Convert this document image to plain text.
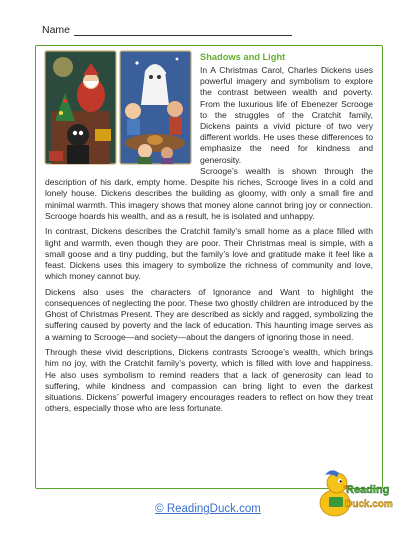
Name
Shadows and Light
In A Christmas Carol, Charles Dickens uses powerful imagery and symbolism to explore the contrast between wealth and poverty. From the luxurious life of Ebenezer Scrooge to the struggles of the Cratchit family, Dickens paints a vivid picture of two very different worlds. He uses these differences to emphasize the need for kindness and generosity.

Scrooge’s wealth is shown through the description of his dark, empty home. Despite his riches, Scrooge lives in a cold and lonely house. Dickens describes the building as gloomy, with only a small fire and minimal warmth. This imagery shows that money alone cannot bring joy or connection. Scrooge hoards his wealth, and as a result, he is isolated and unhappy.

In contrast, Dickens describes the Cratchit family’s small home as a place filled with light and warmth, even though they are poor. Their Christmas meal is simple, with a small goose and a tiny pudding, but the family’s love and gratitude make it feel like a feast. Dickens uses this imagery to symbolize the richness of community and love, which money cannot buy.

Dickens also uses the characters of Ignorance and Want to highlight the consequences of neglecting the poor. These two ghostly children are introduced by the Ghost of Christmas Present. They are described as sickly and ragged, symbolizing the suffering caused by poverty and the lack of education. This haunting image serves as a warning to Scrooge—and society—about the dangers of ignoring those in need.

Through these vivid descriptions, Dickens contrasts Scrooge’s wealth, which brings him no joy, with the Cratchit family’s poverty, which is filled with love and happiness. He also uses symbolism to remind readers that a lack of generosity can lead to suffering, while kindness and compassion can bring light to even the darkest situations. Dickens’ powerful imagery encourages readers to reflect on how they treat others, especially those who are less fortunate.

© ReadingDuck.com
Reading
Duck.com
